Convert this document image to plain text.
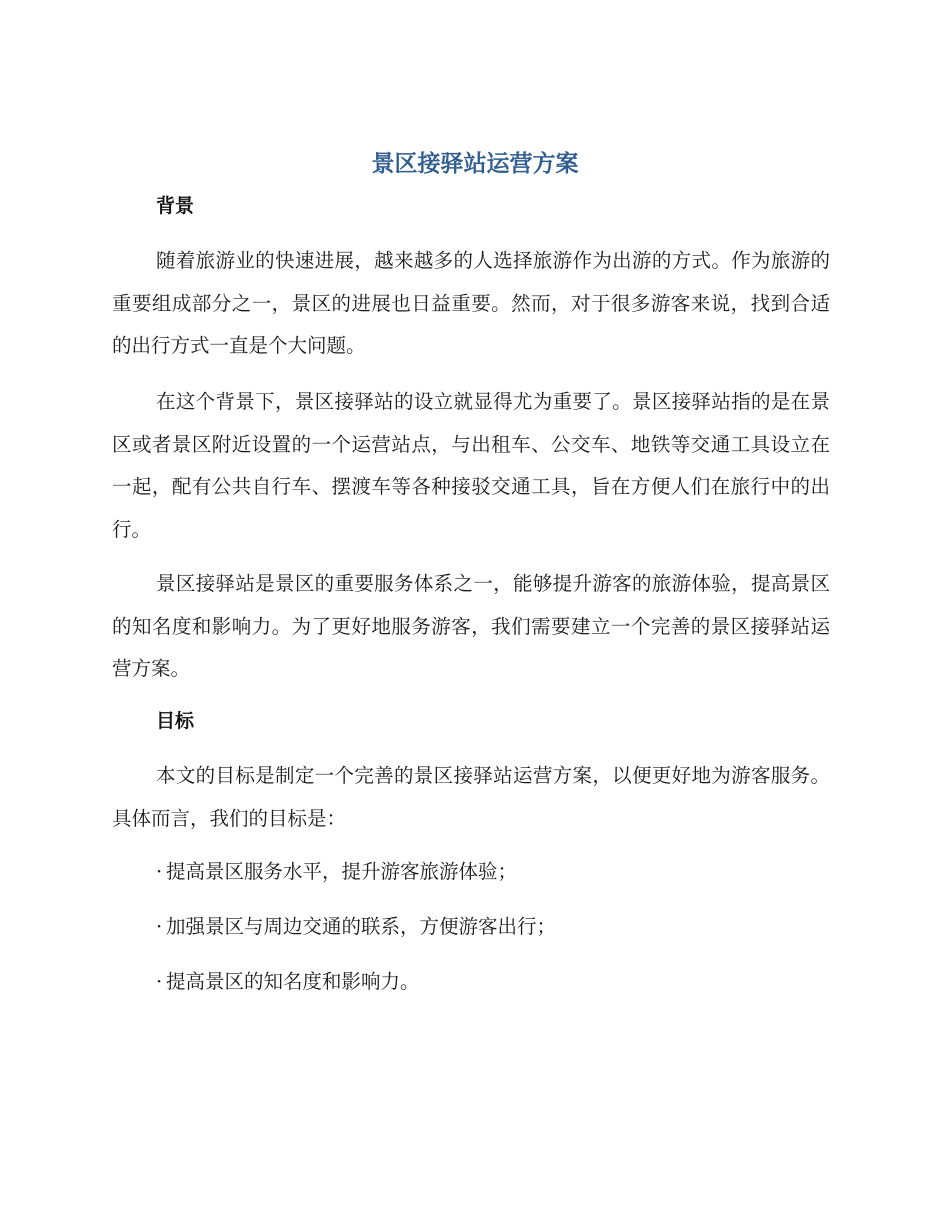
景区接驿站运营方案
背景
随着旅游业的快速进展，越来越多的人选择旅游作为出游的方式。作为旅游的重要组成部分之一，景区的进展也日益重要。然而，对于很多游客来说，找到合适的出行方式一直是个大问题。
在这个背景下，景区接驿站的设立就显得尤为重要了。景区接驿站指的是在景区或者景区附近设置的一个运营站点，与出租车、公交车、地铁等交通工具设立在一起，配有公共自行车、摆渡车等各种接驳交通工具，旨在方便人们在旅行中的出行。
景区接驿站是景区的重要服务体系之一，能够提升游客的旅游体验，提高景区的知名度和影响力。为了更好地服务游客，我们需要建立一个完善的景区接驿站运营方案。
目标
本文的目标是制定一个完善的景区接驿站运营方案，以便更好地为游客服务。具体而言，我们的目标是：
· 提高景区服务水平，提升游客旅游体验；
· 加强景区与周边交通的联系，方便游客出行；
· 提高景区的知名度和影响力。
